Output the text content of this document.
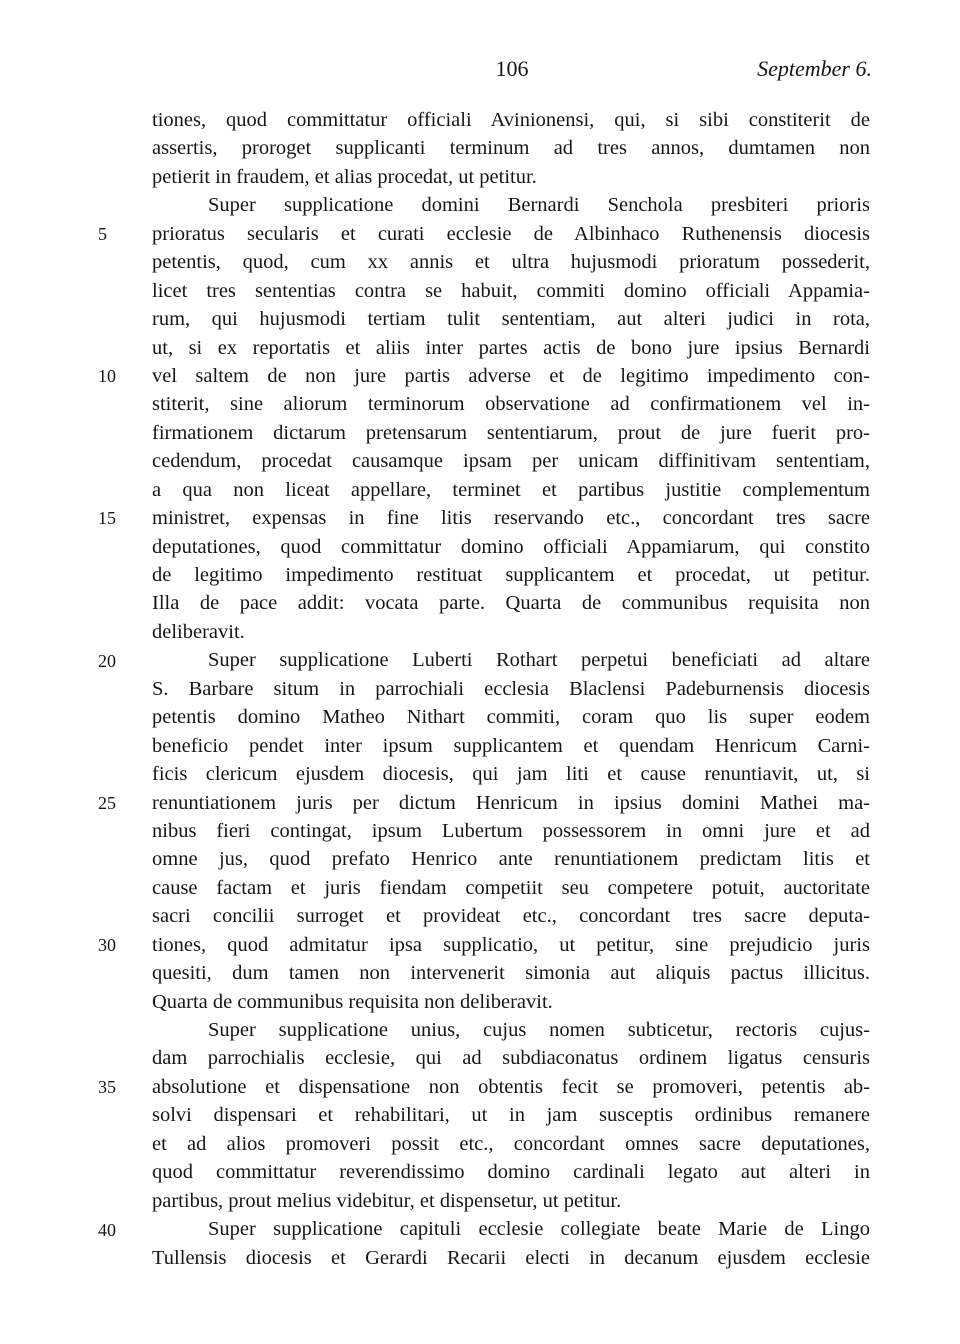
106	September 6.
5
10
15
20
25
30
35
40
tiones, quod committatur officiali Avinionensi, qui, si sibi constiterit de
assertis, proroget supplicanti terminum ad tres annos, dumtamen non
petierit in fraudem, et alias procedat, ut petitur.
Super supplicatione domini Bernardi Senchola presbiteri prioris
prioratus secularis et curati ecclesie de Albinhaco Ruthenensis diocesis
petentis, quod, cum xx annis et ultra hujusmodi prioratum possederit,
licet tres sententias contra se habuit, commiti domino officiali Appamia-
rum, qui hujusmodi tertiam tulit sententiam, aut alteri judici in rota,
ut, si ex reportatis et aliis inter partes actis de bono jure ipsius Bernardi
vel saltem de non jure partis adverse et de legitimo impedimento con-
stiterit, sine aliorum terminorum observatione ad confirmationem vel in-
firmationem dictarum pretensarum sententiarum, prout de jure fuerit pro-
cedendum, procedat causamque ipsam per unicam diffinitivam sententiam,
a qua non liceat appellare, terminet et partibus justitie complementum
ministret, expensas in fine litis reservando etc., concordant tres sacre
deputationes, quod committatur domino officiali Appamiarum, qui constito
de legitimo impedimento restituat supplicantem et procedat, ut petitur.
Illa de pace addit: vocata parte. Quarta de communibus requisita non
deliberavit.
Super supplicatione Luberti Rothart perpetui beneficiati ad altare
S. Barbare situm in parrochiali ecclesia Blaclensi Padeburnensis diocesis
petentis domino Matheo Nithart commiti, coram quo lis super eodem
beneficio pendet inter ipsum supplicantem et quendam Henricum Carni-
ficis clericum ejusdem diocesis, qui jam liti et cause renuntiavit, ut, si
renuntiationem juris per dictum Henricum in ipsius domini Mathei ma-
nibus fieri contingat, ipsum Lubertum possessorem in omni jure et ad
omne jus, quod prefato Henrico ante renuntiationem predictam litis et
cause factam et juris fiendam competiit seu competere potuit, auctoritate
sacri concilii surroget et provideat etc., concordant tres sacre deputa-
tiones, quod admitatur ipsa supplicatio, ut petitur, sine prejudicio juris
quesiti, dum tamen non intervenerit simonia aut aliquis pactus illicitus.
Quarta de communibus requisita non deliberavit.
Super supplicatione unius, cujus nomen subticetur, rectoris cujus-
dam parrochialis ecclesie, qui ad subdiaconatus ordinem ligatus censuris
absolutione et dispensatione non obtentis fecit se promoveri, petentis ab-
solvi dispensari et rehabilitari, ut in jam susceptis ordinibus remanere
et ad alios promoveri possit etc., concordant omnes sacre deputationes,
quod committatur reverendissimo domino cardinali legato aut alteri in
partibus, prout melius videbitur, et dispensetur, ut petitur.
Super supplicatione capituli ecclesie collegiate beate Marie de Lingo
Tullensis diocesis et Gerardi Recarii electi in decanum ejusdem ecclesie
